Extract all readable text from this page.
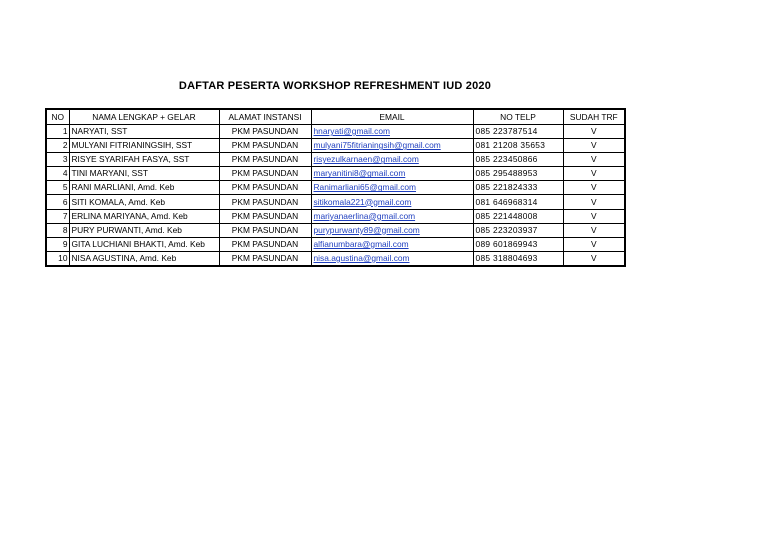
DAFTAR PESERTA WORKSHOP REFRESHMENT IUD 2020
NO	NAMA LENGKAP + GELAR	ALAMAT INSTANSI	EMAIL	NO TELP	SUDAH TRF
1	NARYATI, SST	PKM PASUNDAN	hnaryati@gmail.com	085 223787514	V
2	MULYANI FITRIANINGSIH, SST	PKM PASUNDAN	mulyani75fitrianingsih@gmail.com	081 21208 35653	V
3	RISYE SYARIFAH FASYA, SST	PKM PASUNDAN	risyezulkarnaen@gmail.com	085 223450866	V
4	TINI MARYANI, SST	PKM PASUNDAN	maryanitini8@gmail.com	085 295488953	V
5	RANI MARLIANI, Amd. Keb	PKM PASUNDAN	Ranimarliani65@gmail.com	085 221824333	V
6	SITI KOMALA, Amd. Keb	PKM PASUNDAN	sitikomala221@gmail.com	081 646968314	V
7	ERLINA MARIYANA, Amd. Keb	PKM PASUNDAN	mariyanaerlina@gmail.com	085 221448008	V
8	PURY PURWANTI, Amd. Keb	PKM PASUNDAN	purypurwanty89@gmail.com	085 223203937	V
9	GITA LUCHIANI BHAKTI, Amd. Keb	PKM PASUNDAN	alfianumbara@gmail.com	089 601869943	V
10	NISA AGUSTINA, Amd. Keb	PKM PASUNDAN	nisa.agustina@gmail.com	085 318804693	V
